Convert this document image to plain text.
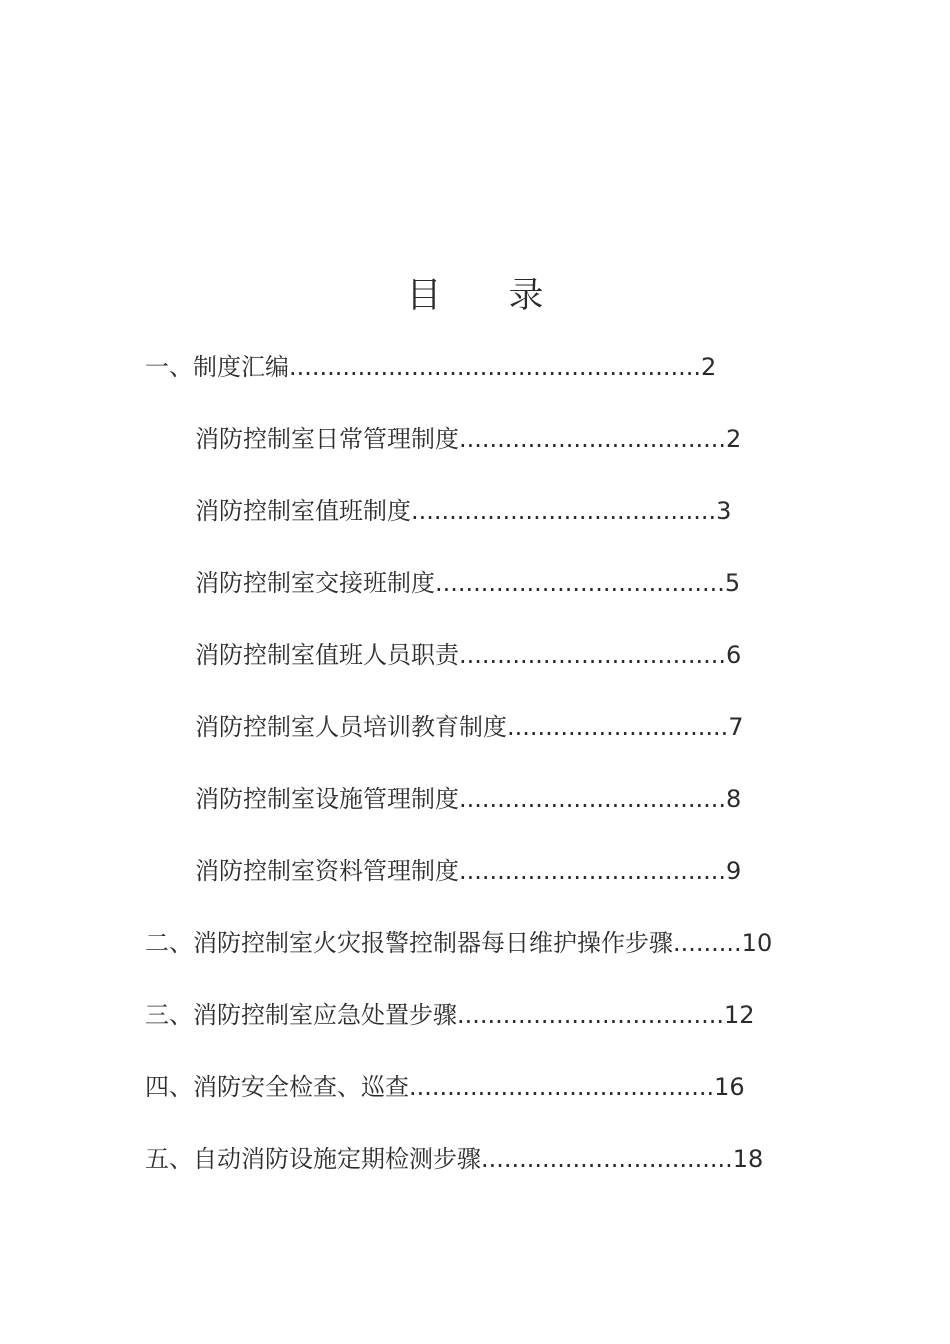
目 录
一、制度汇编......................................................2
消防控制室日常管理制度...................................2
消防控制室值班制度........................................3
消防控制室交接班制度......................................5
消防控制室值班人员职责...................................6
消防控制室人员培训教育制度.............................7
消防控制室设施管理制度...................................8
消防控制室资料管理制度...................................9
二、消防控制室火灾报警控制器每日维护操作步骤.........10
三、消防控制室应急处置步骤...................................12
四、消防安全检查、巡查........................................16
五、自动消防设施定期检测步骤.................................18
